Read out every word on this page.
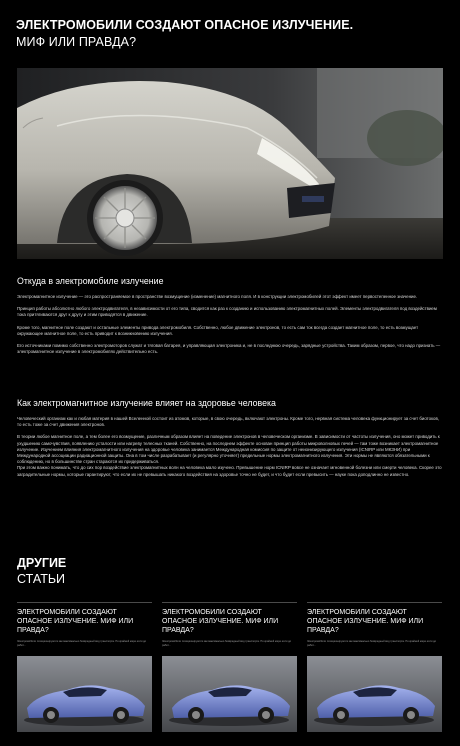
ЭЛЕКТРОМОБИЛИ СОЗДАЮТ ОПАСНОЕ ИЗЛУЧЕНИЕ.
МИФ ИЛИ ПРАВДА?
Откуда в электромобиле излучение

Электромагнитное излучение — это распространяемое в пространстве возмущение (изменение) магнитного поля. И в конструкции электромобилей этот эффект имеет первостепенное значение.

Принцип работы абсолютно любого электродвигателя, в независимости от его типа, сводится как раз к созданию и использованию электромагнитных полей. Элементы электродвигателя под воздействием тока притягиваются друг к другу и этим приводятся в движение.

Кроме того, магнитное поле создают и остальные элементы привода электромобиля. Собственно, любое движение электронов, то есть сам ток всегда создает магнитное поле, то есть возмущает окружающее магнитное поле, то есть приводит к возникновению излучения.

Его источниками помимо собственно электромоторов служат и тяговая батарея, и управляющая электроника и, не в последнюю очередь, зарядные устройства. Таким образом, первое, что надо признать — электромагнитное излучение в электромобилях действительно есть.

Как электромагнитное излучение влияет на здоровье человека

Человеческий организм как и любая материя в нашей Вселенной состоит из атомов, которые, в свою очередь, включают электроны. Кроме того, нервная система человека функционирует за счет биотоков, то есть тоже за счет движения электронов.

В теории любое магнитное поле, а тем более его возмущение, различным образом влияет на поведение электронов в человеческом организме. В зависимости от частоты излучения, оно может приводить к ухудшению самочувствия, появлению усталости или нагреву телесных тканей. Собственно, на последнем эффекте основан принцип работы микроволновых печей — там тоже возникает электромагнитное излучение. Изучением влияния электромагнитного излучения на здоровье человека занимается Международная комиссия по защите от неионизирующего излучения (ICNIRP или МКЗНИ) при Международной ассоциации радиационной защиты. Она в том числе разрабатывает (и регулярно уточняет) предельные нормы электромагнитного излучения. Эти нормы не являются обязательными к соблюдению, но в большинстве стран стараются их придерживаться.

При этом важно понимать, что до сих пор воздействие электромагнитных волн на человека мало изучено. Превышение норм ICNIRP вовсе не означает мгновенной болезни или смерти человека. Скорее это заградительные нормы, которые гарантируют, что если их не превышать никакого воздействия на здоровье точно не будет, и что будет если превысить — науке пока доподлинно не известно.

ДРУГИЕ
СТАТЬИ
ЭЛЕКТРОМОБИЛИ СОЗДАЮТ ОПАСНОЕ ИЗЛУЧЕНИЕ. МИФ ИЛИ ПРАВДА?
Электромобили позиционируются как максимально безвредный вид транспорта. По крайней мере если до работ...
ЭЛЕКТРОМОБИЛИ СОЗДАЮТ ОПАСНОЕ ИЗЛУЧЕНИЕ. МИФ ИЛИ ПРАВДА?
Электромобили позиционируются как максимально безвредный вид транспорта. По крайней мере если до работ...
ЭЛЕКТРОМОБИЛИ СОЗДАЮТ ОПАСНОЕ ИЗЛУЧЕНИЕ. МИФ ИЛИ ПРАВДА?
Электромобили позиционируются как максимально безвредный вид транспорта. По крайней мере если до работ...
